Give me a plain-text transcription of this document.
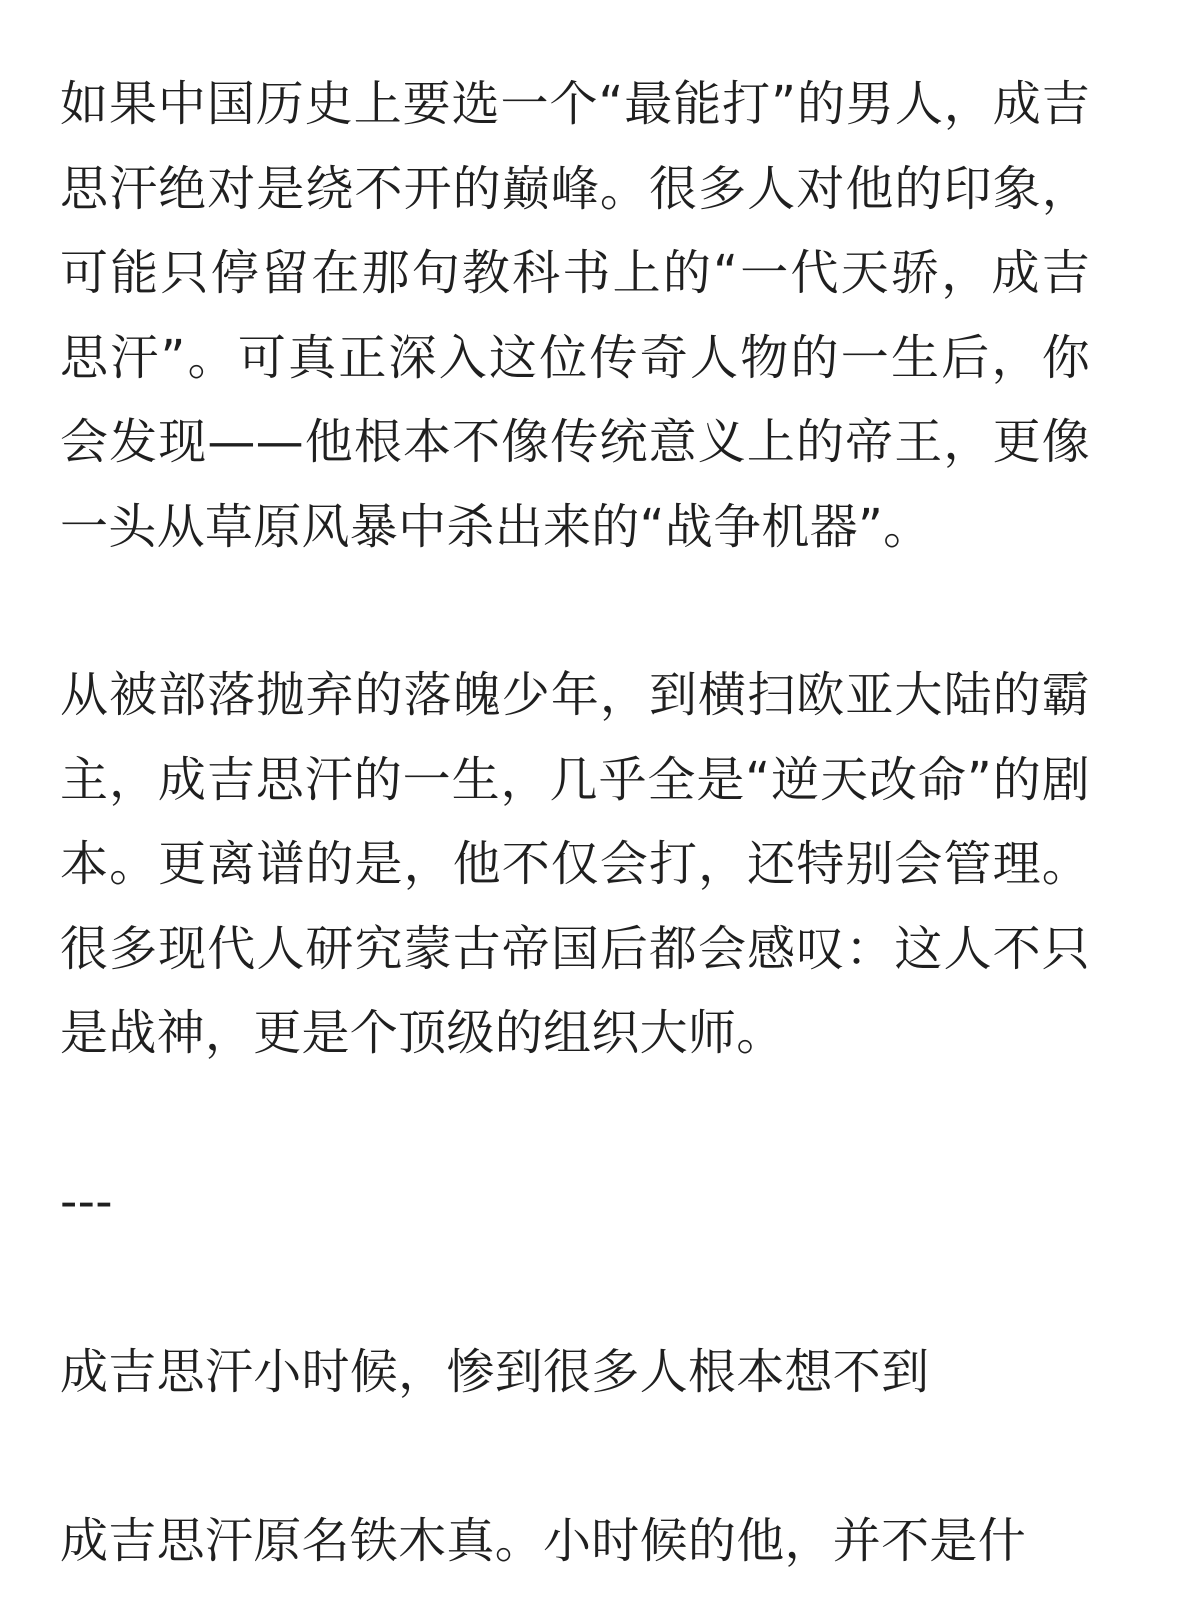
如果中国历史上要选一个“最能打”的男人，成吉思汗绝对是绕不开的巅峰。很多人对他的印象，可能只停留在那句教科书上的“一代天骄，成吉思汗”。可真正深入这位传奇人物的一生后，你会发现——他根本不像传统意义上的帝王，更像一头从草原风暴中杀出来的“战争机器”。

从被部落抛弃的落魄少年，到横扫欧亚大陆的霸主，成吉思汗的一生，几乎全是“逆天改命”的剧本。更离谱的是，他不仅会打，还特别会管理。很多现代人研究蒙古帝国后都会感叹：这人不只是战神，更是个顶级的组织大师。

---

成吉思汗小时候，惨到很多人根本想不到

成吉思汗原名铁木真。小时候的他，并不是什
